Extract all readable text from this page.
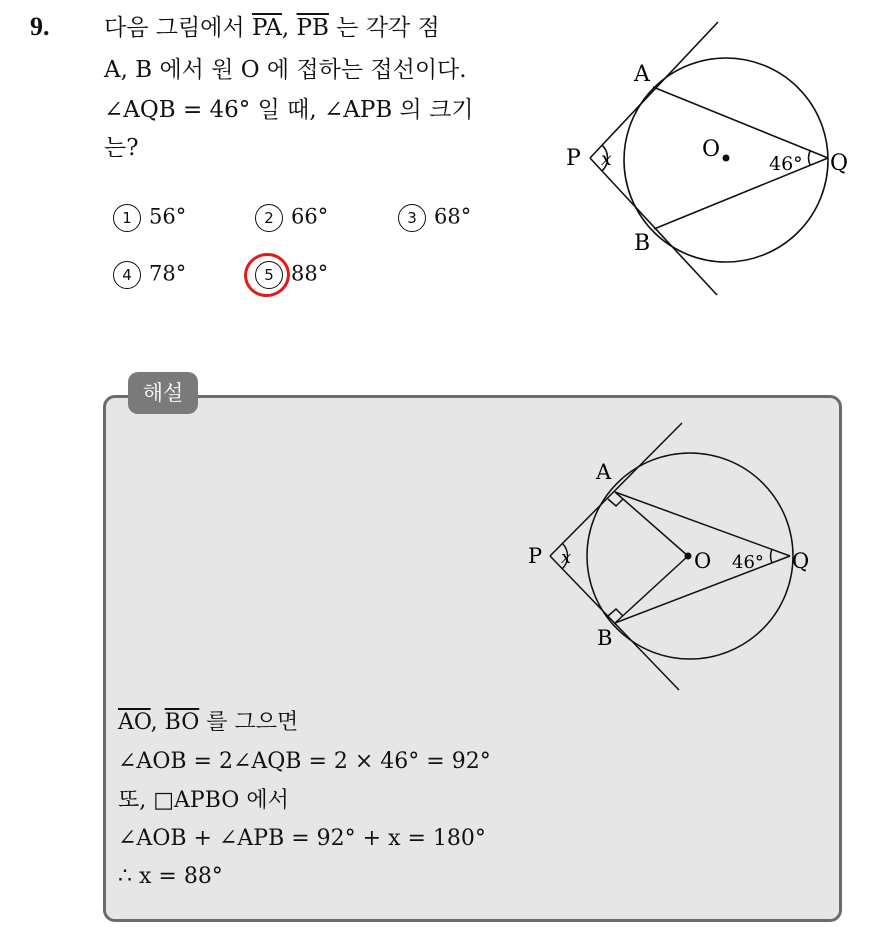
9. 다음 그림에서 $\overline{PA}$, $\overline{PB}$ 는 각각 점
A, B 에서 원 O 에 접하는 접선이다.
∠AQB = 46° 일 때, ∠APB 의 크기
는?
1 56°	2 66°	3 68°
4 78°	5 88°
A
B
P x	O
46° Q
해설
A
B
P x	O 46° Q
$\overline{AO}$, $\overline{BO}$ 를 그으면
∠AOB = 2∠AQB = 2 × 46° = 92°
또, □APBO 에서
∠AOB + ∠APB = 92° + x = 180°
∴ x = 88°
